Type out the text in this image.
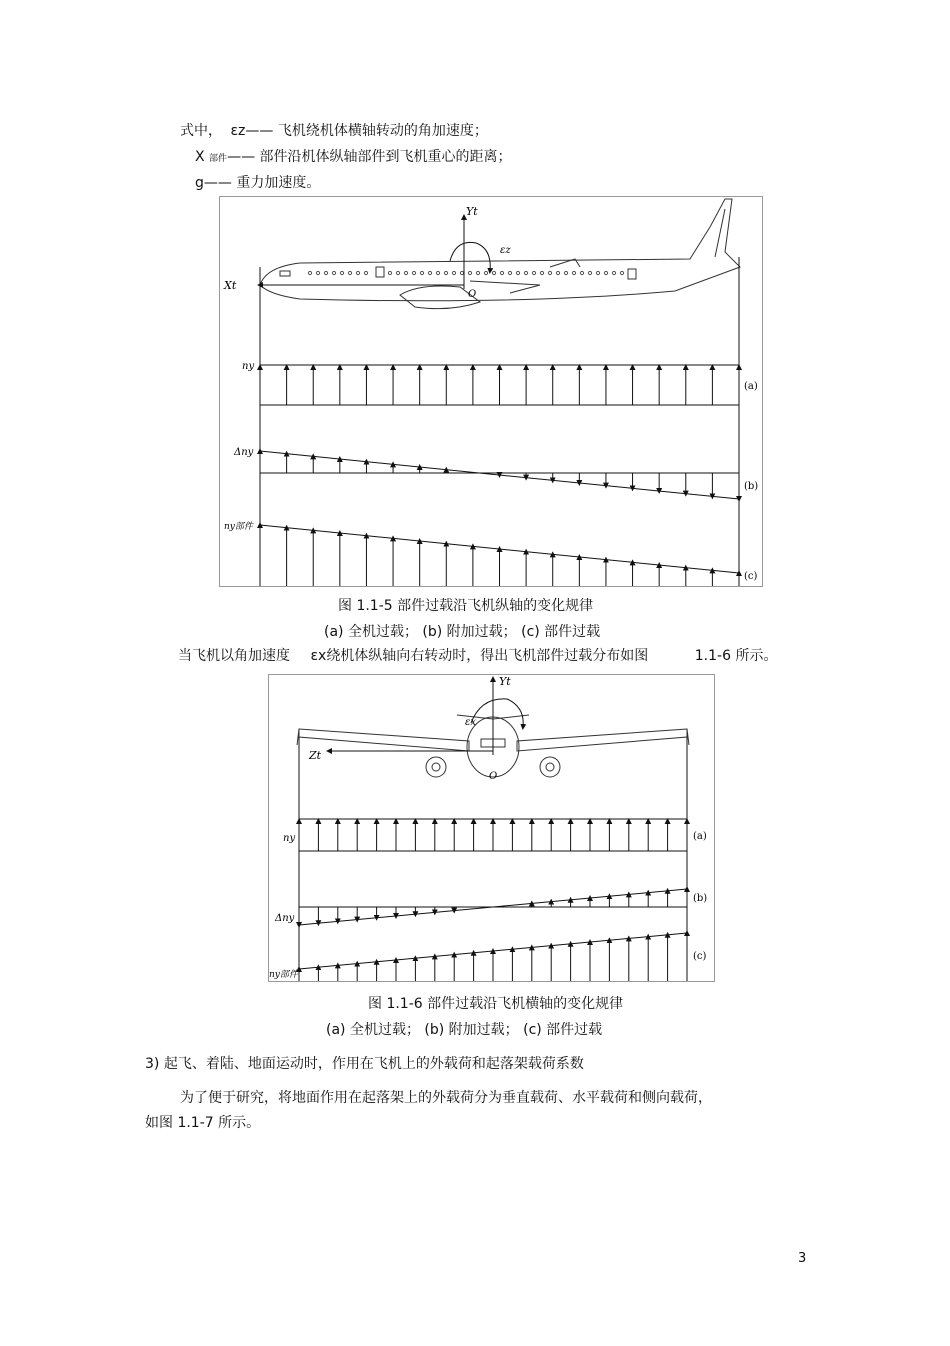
式中， εz—— 飞机绕机体横轴转动的角加速度；
X 部件—— 部件沿机体纵轴部件到飞机重心的距离；
g—— 重力加速度。
Yt
Xt
O
εz
ny
Δny
ny部件
(a)
(b)
(c)
图 1.1-5 部件过载沿飞机纵轴的变化规律
(a) 全机过载； (b) 附加过载； (c) 部件过载
当飞机以角加速度 εx绕机体纵轴向右转动时，得出飞机部件过载分布如图	1.1-6 所示。
Yt
Zt
O
εx
ny
Δny
ny部件
(a)
(b)
(c)
图 1.1-6 部件过载沿飞机横轴的变化规律
(a) 全机过载； (b) 附加过载； (c) 部件过载
3) 起飞、着陆、地面运动时，作用在飞机上的外载荷和起落架载荷系数
为了便于研究，将地面作用在起落架上的外载荷分为垂直载荷、水平载荷和侧向载荷，
如图 1.1-7 所示。
3
